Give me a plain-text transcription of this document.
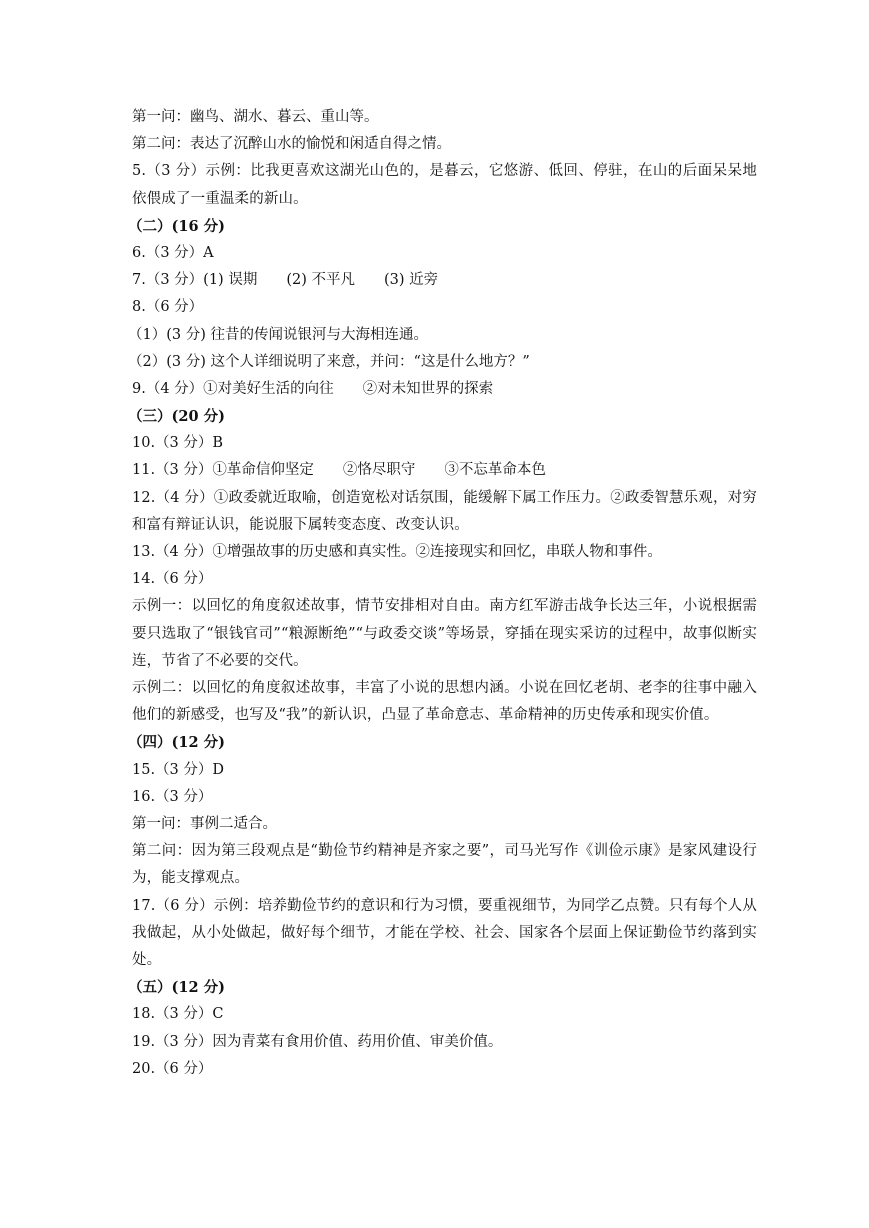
第一问：幽鸟、湖水、暮云、重山等。
第二问：表达了沉醉山水的愉悦和闲适自得之情。
5.（3 分）示例：比我更喜欢这湖光山色的，是暮云，它悠游、低回、停驻，在山的后面呆呆地依偎成了一重温柔的新山。
（二）(16 分)
6.（3 分）A
7.（3 分）(1) 误期　　(2) 不平凡　　(3) 近旁
8.（6 分）
（1）(3 分) 往昔的传闻说银河与大海相连通。
（2）(3 分) 这个人详细说明了来意，并问：“这是什么地方？”
9.（4 分）①对美好生活的向往　　②对未知世界的探索
（三）(20 分)
10.（3 分）B
11.（3 分）①革命信仰坚定　　②恪尽职守　　③不忘革命本色
12.（4 分）①政委就近取喻，创造宽松对话氛围，能缓解下属工作压力。②政委智慧乐观，对穷和富有辩证认识，能说服下属转变态度、改变认识。
13.（4 分）①增强故事的历史感和真实性。②连接现实和回忆，串联人物和事件。
14.（6 分）
示例一：以回忆的角度叙述故事，情节安排相对自由。南方红军游击战争长达三年，小说根据需要只选取了“银钱官司”“粮源断绝”“与政委交谈”等场景，穿插在现实采访的过程中，故事似断实连，节省了不必要的交代。
示例二：以回忆的角度叙述故事，丰富了小说的思想内涵。小说在回忆老胡、老李的往事中融入他们的新感受，也写及“我”的新认识，凸显了革命意志、革命精神的历史传承和现实价值。
（四）(12 分)
15.（3 分）D
16.（3 分）
第一问：事例二适合。
第二问：因为第三段观点是“勤俭节约精神是齐家之要”，司马光写作《训俭示康》是家风建设行为，能支撑观点。
17.（6 分）示例：培养勤俭节约的意识和行为习惯，要重视细节，为同学乙点赞。只有每个人从我做起，从小处做起，做好每个细节，才能在学校、社会、国家各个层面上保证勤俭节约落到实处。
（五）(12 分)
18.（3 分）C
19.（3 分）因为青菜有食用价值、药用价值、审美价值。
20.（6 分）
